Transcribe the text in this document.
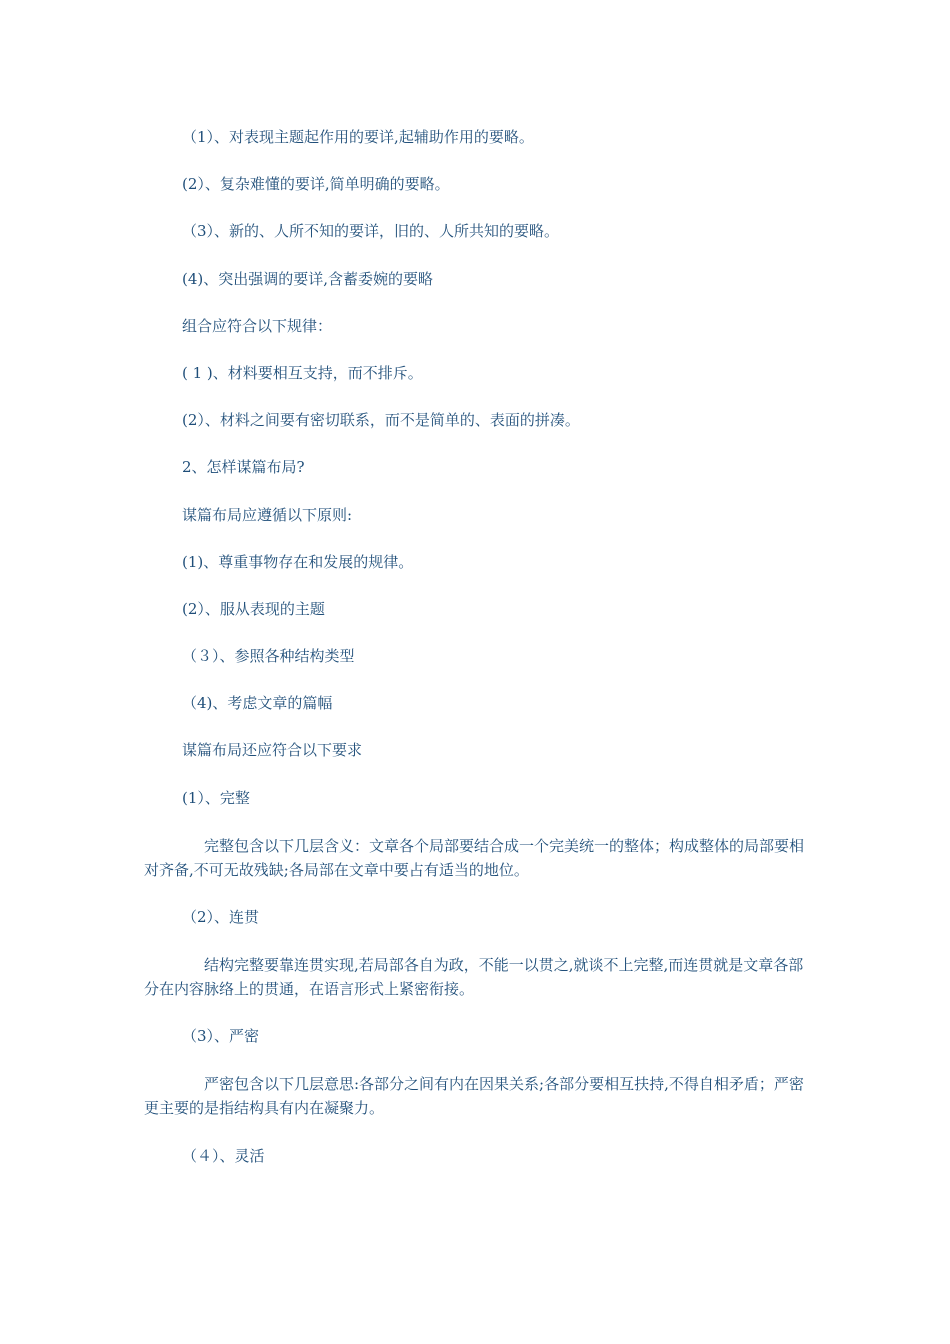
（1）、对表现主题起作用的要详,起辅助作用的要略。
(2）、复杂难懂的要详,简单明确的要略。
（3）、新的、人所不知的要详，旧的、人所共知的要略。
(4)、突出强调的要详,含蓄委婉的要略
组合应符合以下规律：
( 1 )、材料要相互支持，而不排斥。
(2）、材料之间要有密切联系，而不是简单的、表面的拼凑。
2、怎样谋篇布局?
谋篇布局应遵循以下原则:
(1)、尊重事物存在和发展的规律。
(2）、服从表现的主题
（３）、参照各种结构类型
（4)、考虑文章的篇幅
谋篇布局还应符合以下要求
(1）、完整
完整包含以下几层含义：文章各个局部要结合成一个完美统一的整体；构成整体的局部要相对齐备,不可无故残缺;各局部在文章中要占有适当的地位。
（2）、连贯
结构完整要靠连贯实现,若局部各自为政，不能一以贯之,就谈不上完整,而连贯就是文章各部分在内容脉络上的贯通，在语言形式上紧密衔接。
（3）、严密
严密包含以下几层意思:各部分之间有内在因果关系;各部分要相互扶持,不得自相矛盾；严密更主要的是指结构具有内在凝聚力。
（４）、灵活
